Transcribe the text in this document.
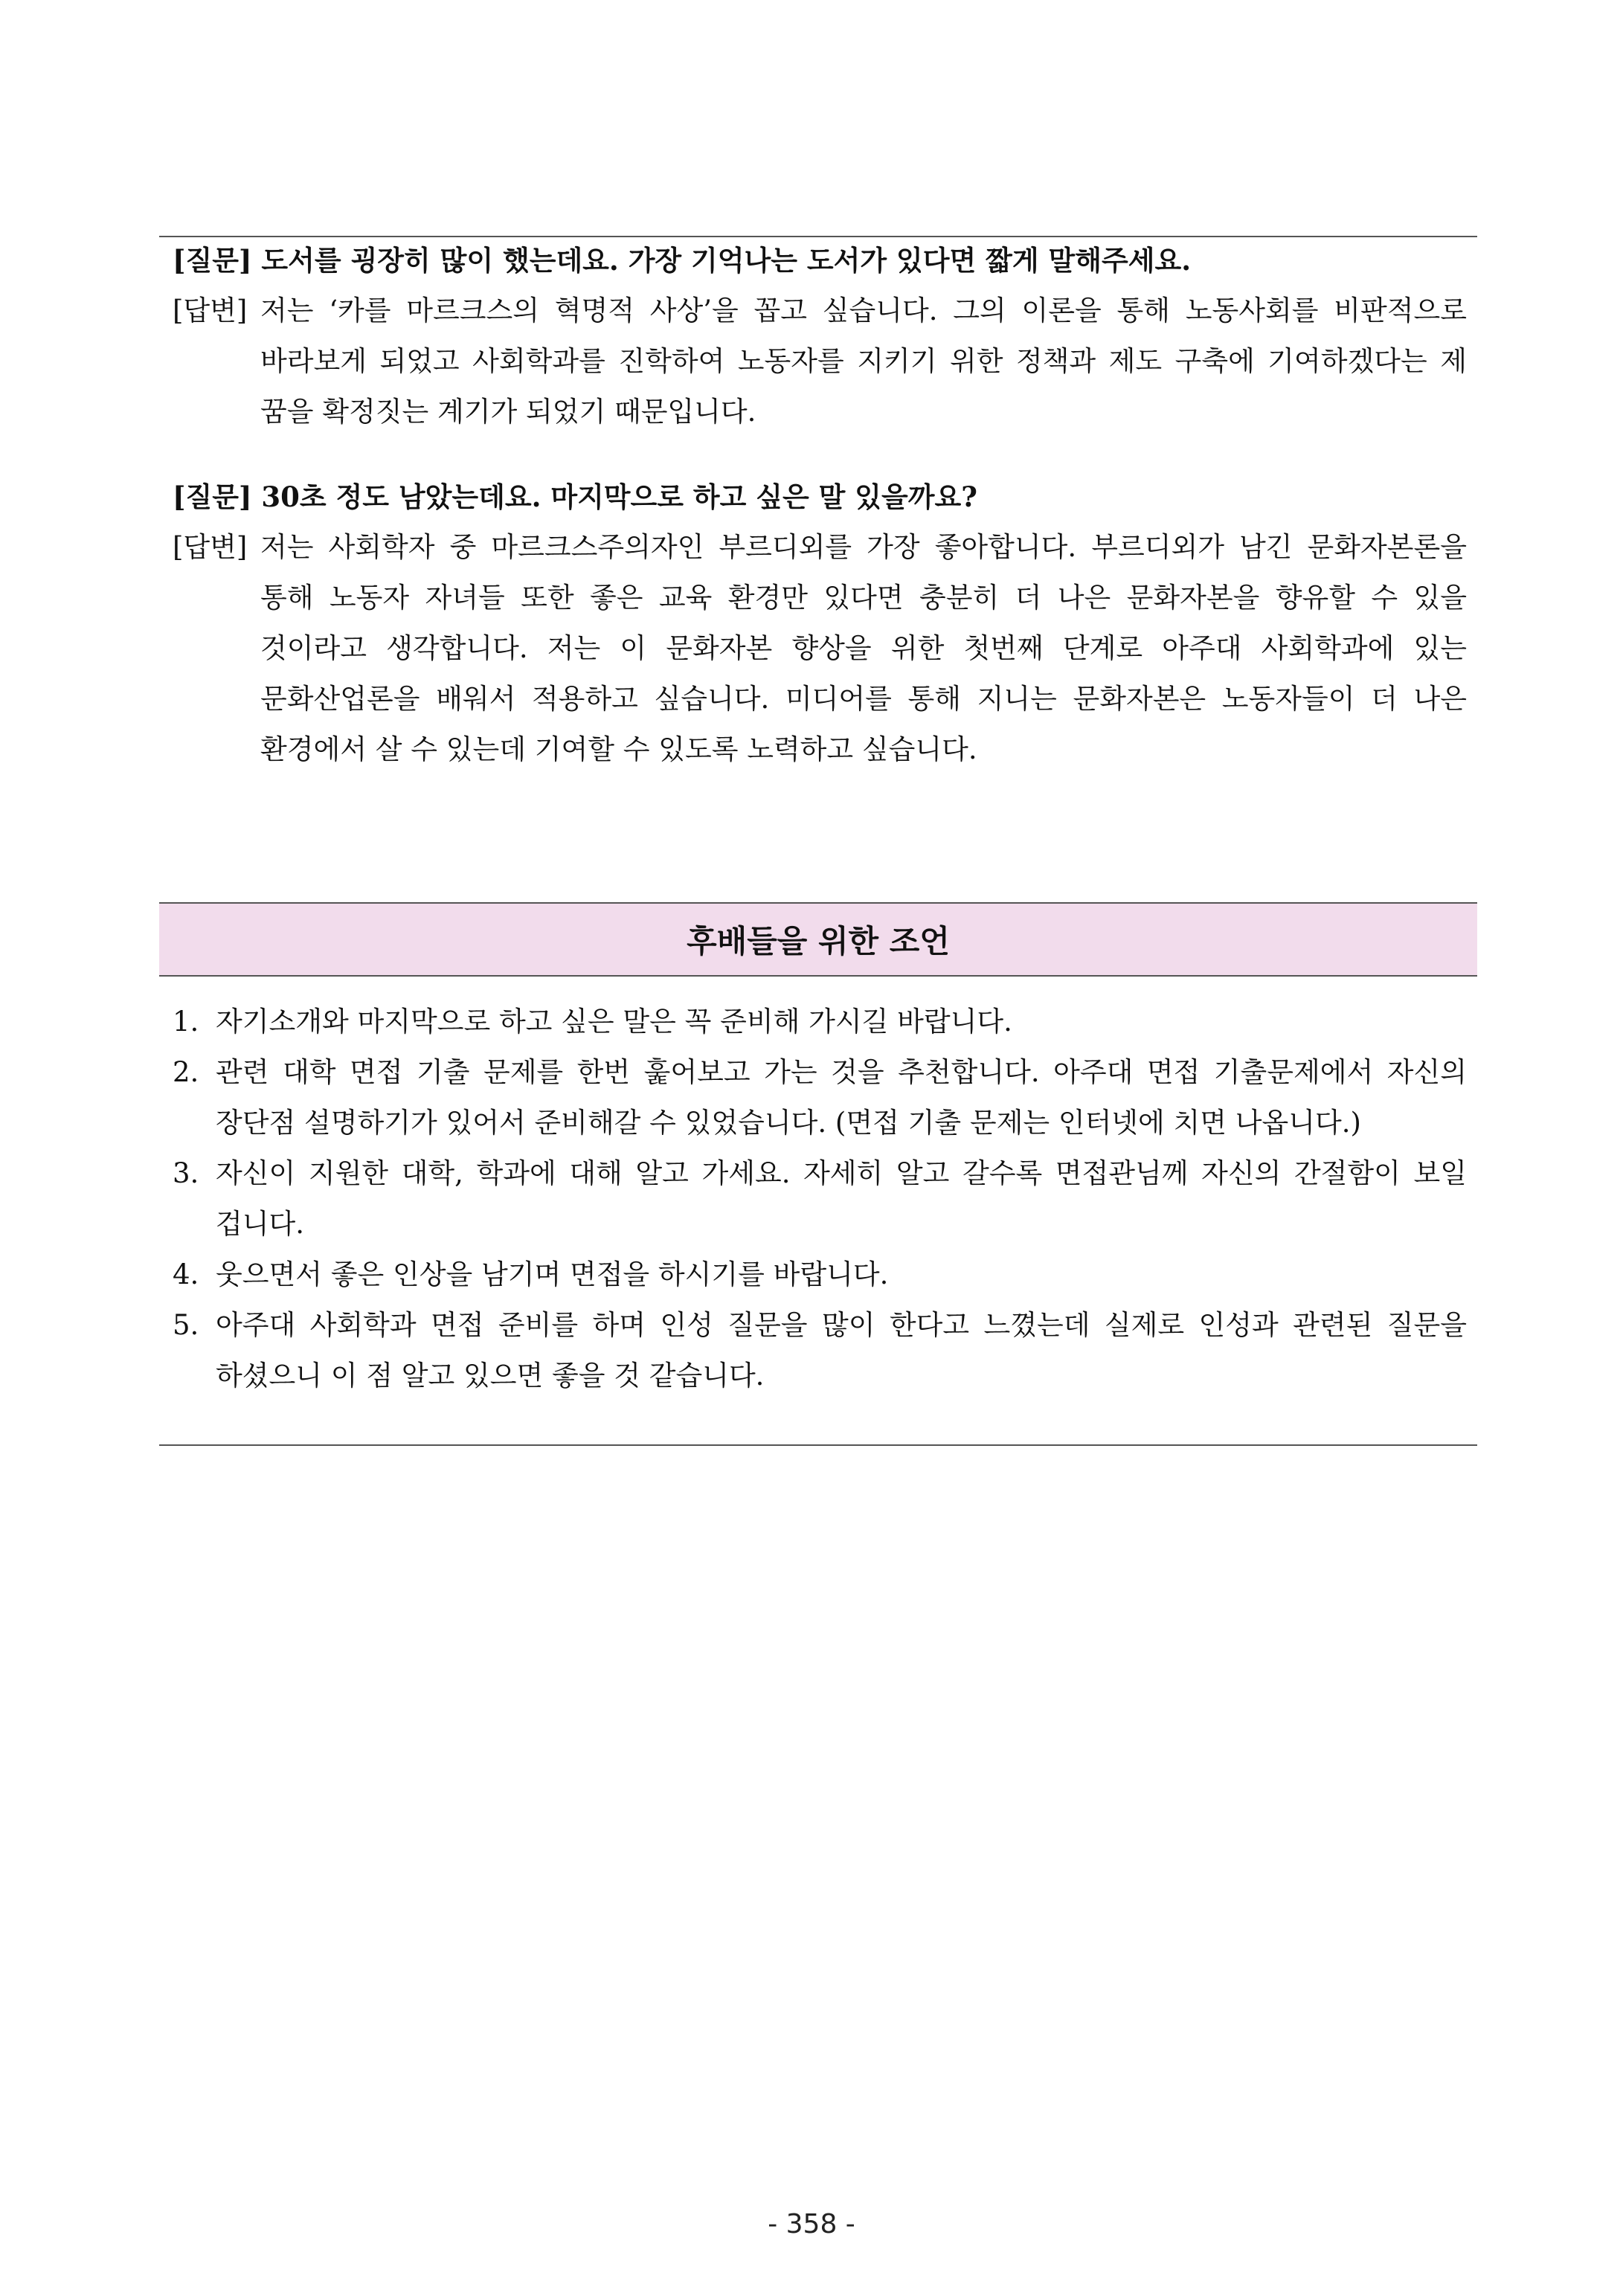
[질문] 도서를 굉장히 많이 했는데요. 가장 기억나는 도서가 있다면 짧게 말해주세요.
[답변] 저는 ‘카를 마르크스의 혁명적 사상’을 꼽고 싶습니다. 그의 이론을 통해 노동사회를 비판적으로 바라보게 되었고 사회학과를 진학하여 노동자를 지키기 위한 정책과 제도 구축에 기여하겠다는 제 꿈을 확정짓는 계기가 되었기 때문입니다.
[질문] 30초 정도 남았는데요. 마지막으로 하고 싶은 말 있을까요?
[답변] 저는 사회학자 중 마르크스주의자인 부르디외를 가장 좋아합니다. 부르디외가 남긴 문화자본론을 통해 노동자 자녀들 또한 좋은 교육 환경만 있다면 충분히 더 나은 문화자본을 향유할 수 있을 것이라고 생각합니다. 저는 이 문화자본 향상을 위한 첫번째 단계로 아주대 사회학과에 있는 문화산업론을 배워서 적용하고 싶습니다. 미디어를 통해 지니는 문화자본은 노동자들이 더 나은 환경에서 살 수 있는데 기여할 수 있도록 노력하고 싶습니다.
후배들을 위한 조언
1. 자기소개와 마지막으로 하고 싶은 말은 꼭 준비해 가시길 바랍니다.
2. 관련 대학 면접 기출 문제를 한번 훑어보고 가는 것을 추천합니다. 아주대 면접 기출문제에서 자신의 장단점 설명하기가 있어서 준비해갈 수 있었습니다. (면접 기출 문제는 인터넷에 치면 나옵니다.)
3. 자신이 지원한 대학, 학과에 대해 알고 가세요. 자세히 알고 갈수록 면접관님께 자신의 간절함이 보일 겁니다.
4. 웃으면서 좋은 인상을 남기며 면접을 하시기를 바랍니다.
5. 아주대 사회학과 면접 준비를 하며 인성 질문을 많이 한다고 느꼈는데 실제로 인성과 관련된 질문을 하셨으니 이 점 알고 있으면 좋을 것 같습니다.
- 358 -
